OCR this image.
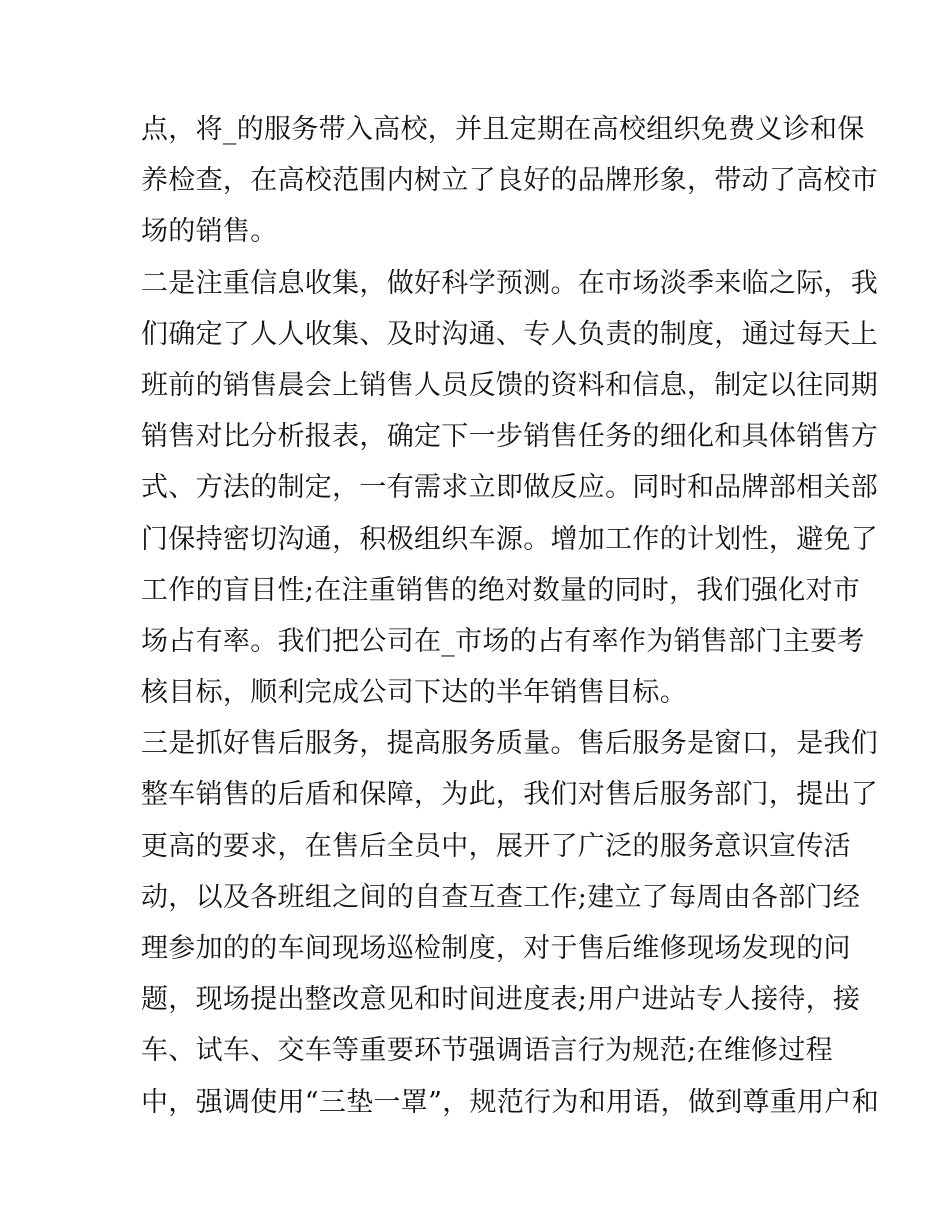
点，将_的服务带入高校，并且定期在高校组织免费义诊和保
养检查，在高校范围内树立了良好的品牌形象，带动了高校市
场的销售。
二是注重信息收集，做好科学预测。在市场淡季来临之际，我
们确定了人人收集、及时沟通、专人负责的制度，通过每天上
班前的销售晨会上销售人员反馈的资料和信息，制定以往同期
销售对比分析报表，确定下一步销售任务的细化和具体销售方
式、方法的制定，一有需求立即做反应。同时和品牌部相关部
门保持密切沟通，积极组织车源。增加工作的计划性，避免了
工作的盲目性;在注重销售的绝对数量的同时，我们强化对市
场占有率。我们把公司在_市场的占有率作为销售部门主要考
核目标，顺利完成公司下达的半年销售目标。
三是抓好售后服务，提高服务质量。售后服务是窗口，是我们
整车销售的后盾和保障，为此，我们对售后服务部门，提出了
更高的要求，在售后全员中，展开了广泛的服务意识宣传活
动，以及各班组之间的自查互查工作;建立了每周由各部门经
理参加的的车间现场巡检制度，对于售后维修现场发现的问
题，现场提出整改意见和时间进度表;用户进站专人接待，接
车、试车、交车等重要环节强调语言行为规范;在维修过程
中，强调使用“三垫一罩”，规范行为和用语，做到尊重用户和
